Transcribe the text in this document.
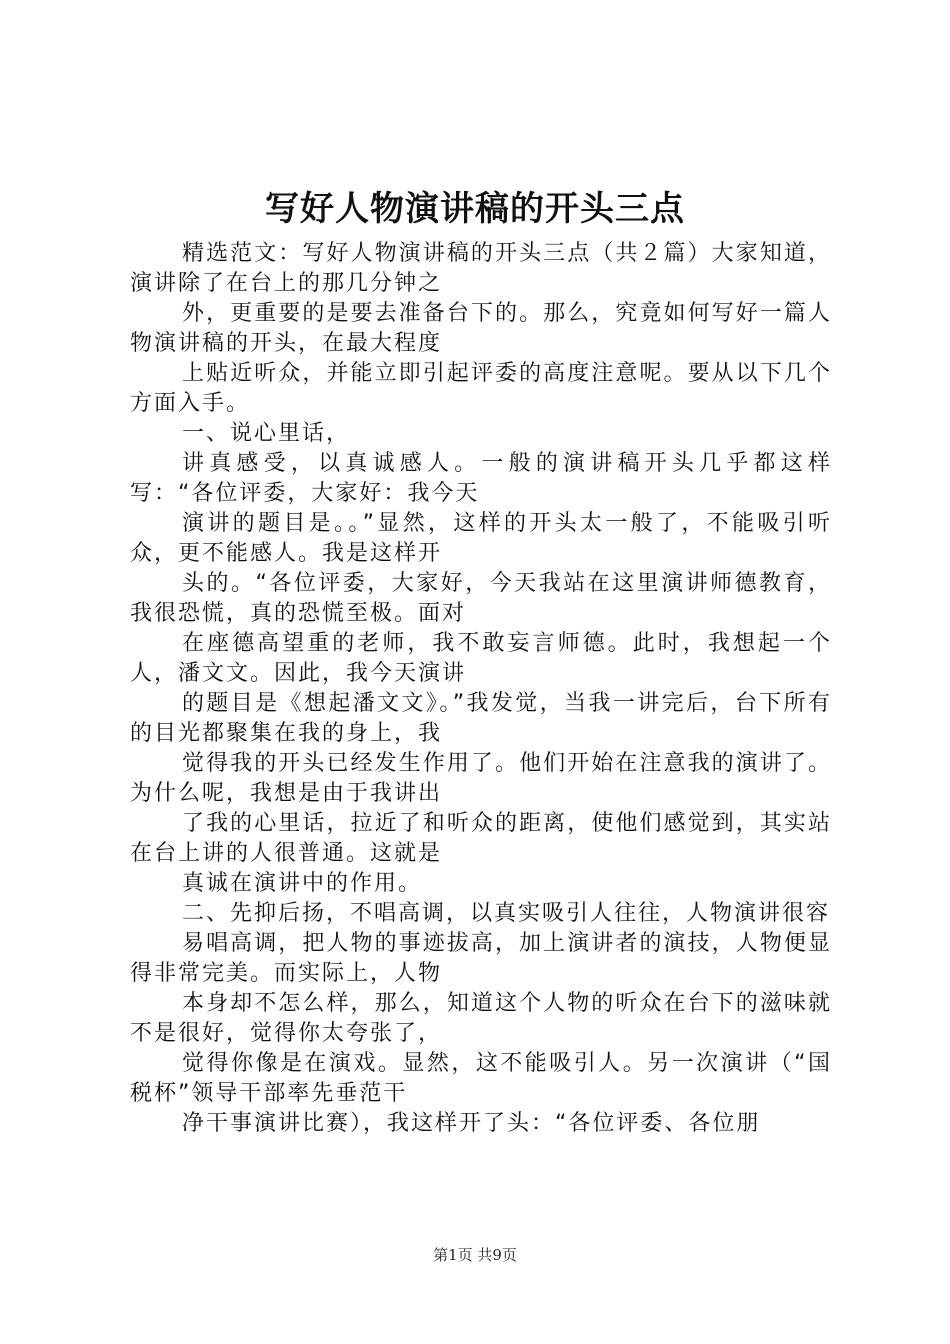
写好人物演讲稿的开头三点

精选范文：写好人物演讲稿的开头三点（共２篇）大家知道，演讲除了在台上的那几分钟之

外，更重要的是要去准备台下的。那么，究竟如何写好一篇人物演讲稿的开头，在最大程度

上贴近听众，并能立即引起评委的高度注意呢。要从以下几个方面入手。

一、说心里话，

讲真感受，以真诚感人。一般的演讲稿开头几乎都这样写：“各位评委，大家好：我今天

演讲的题目是。。”显然，这样的开头太一般了，不能吸引听众，更不能感人。我是这样开

头的。“各位评委，大家好，今天我站在这里演讲师德教育，我很恐慌，真的恐慌至极。面对

在座德高望重的老师，我不敢妄言师德。此时，我想起一个人，潘文文。因此，我今天演讲

的题目是《想起潘文文》。”我发觉，当我一讲完后，台下所有的目光都聚集在我的身上，我

觉得我的开头已经发生作用了。他们开始在注意我的演讲了。为什么呢，我想是由于我讲出

了我的心里话，拉近了和听众的距离，使他们感觉到，其实站在台上讲的人很普通。这就是

真诚在演讲中的作用。

二、先抑后扬，不唱高调，以真实吸引人往往，人物演讲很容

易唱高调，把人物的事迹拔高，加上演讲者的演技，人物便显得非常完美。而实际上，人物

本身却不怎么样，那么，知道这个人物的听众在台下的滋味就不是很好，觉得你太夸张了，

觉得你像是在演戏。显然，这不能吸引人。另一次演讲（“国税杯”领导干部率先垂范干

净干事演讲比赛），我这样开了头：“各位评委、各位朋

第1页 共9页
